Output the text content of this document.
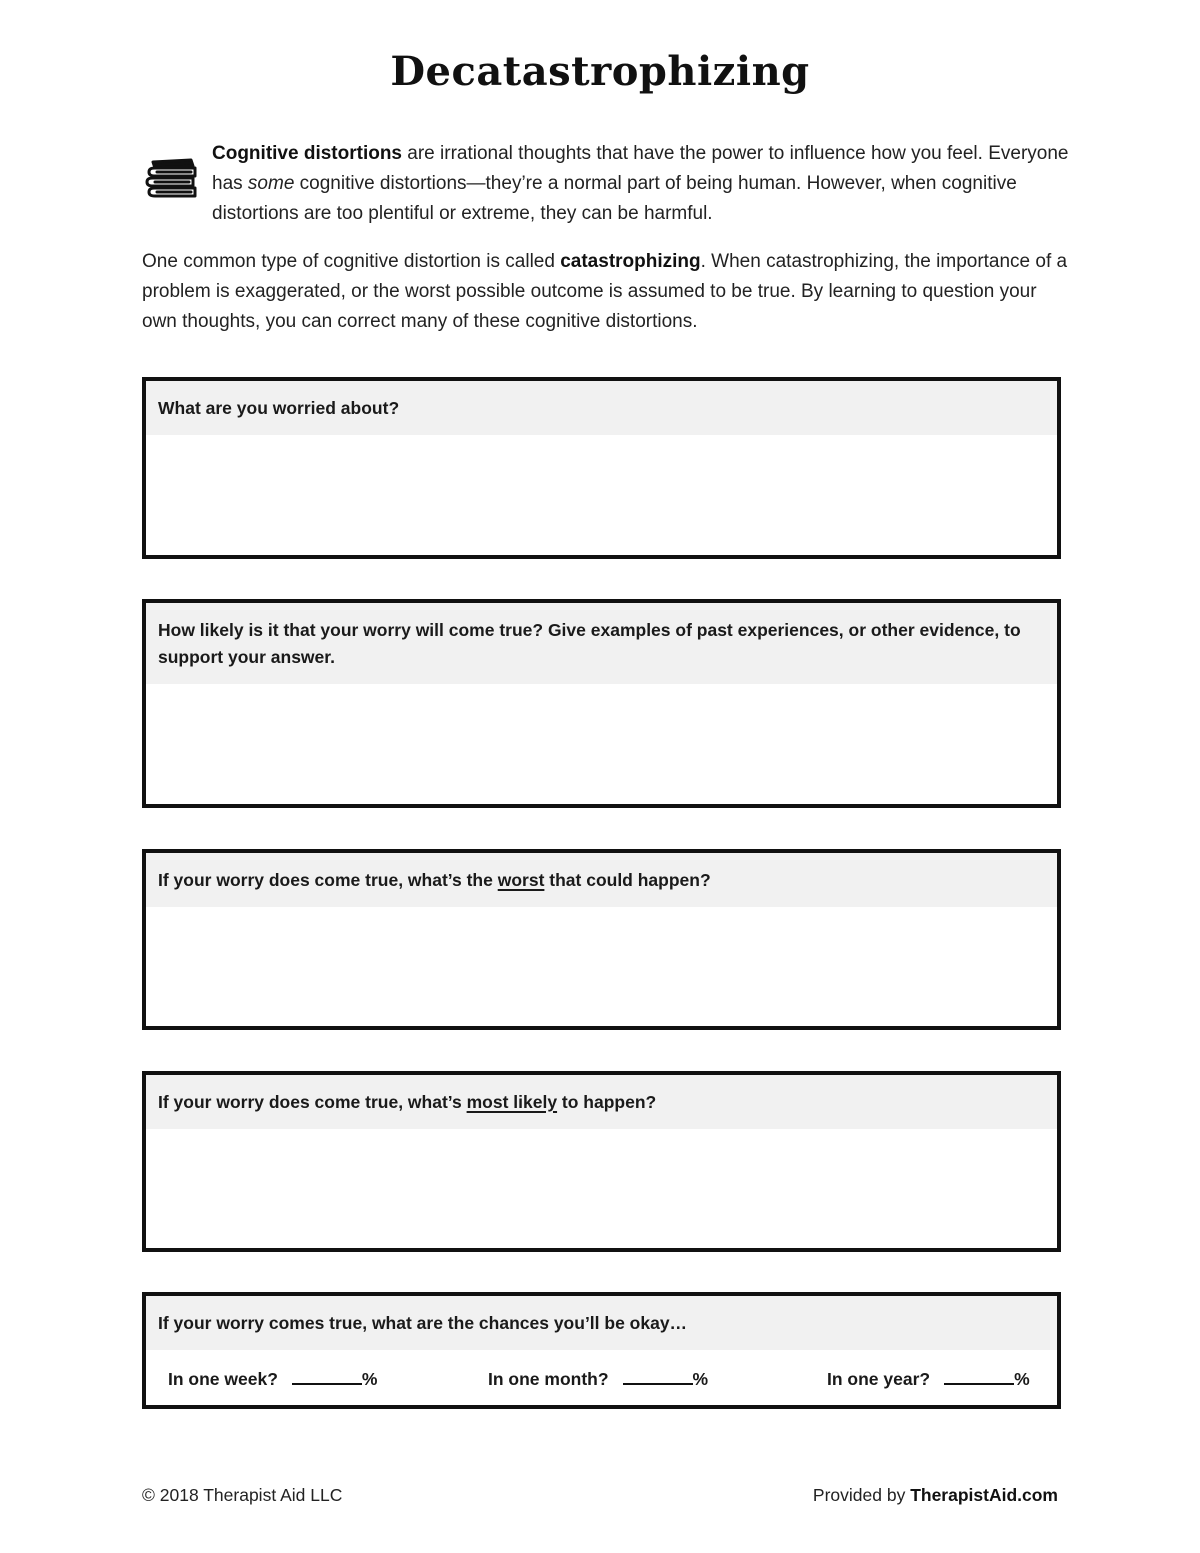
Decatastrophizing
Cognitive distortions are irrational thoughts that have the power to influence how you feel. Everyone has some cognitive distortions—they’re a normal part of being human. However, when cognitive distortions are too plentiful or extreme, they can be harmful.
One common type of cognitive distortion is called catastrophizing. When catastrophizing, the importance of a problem is exaggerated, or the worst possible outcome is assumed to be true. By learning to question your own thoughts, you can correct many of these cognitive distortions.
What are you worried about?
How likely is it that your worry will come true? Give examples of past experiences, or other evidence, to support your answer.
If your worry does come true, what’s the worst that could happen?
If your worry does come true, what’s most likely to happen?
If your worry comes true, what are the chances you’ll be okay…
In one week?	%	In one month?	%	In one year?	%
© 2018 Therapist Aid LLC	Provided by TherapistAid.com
